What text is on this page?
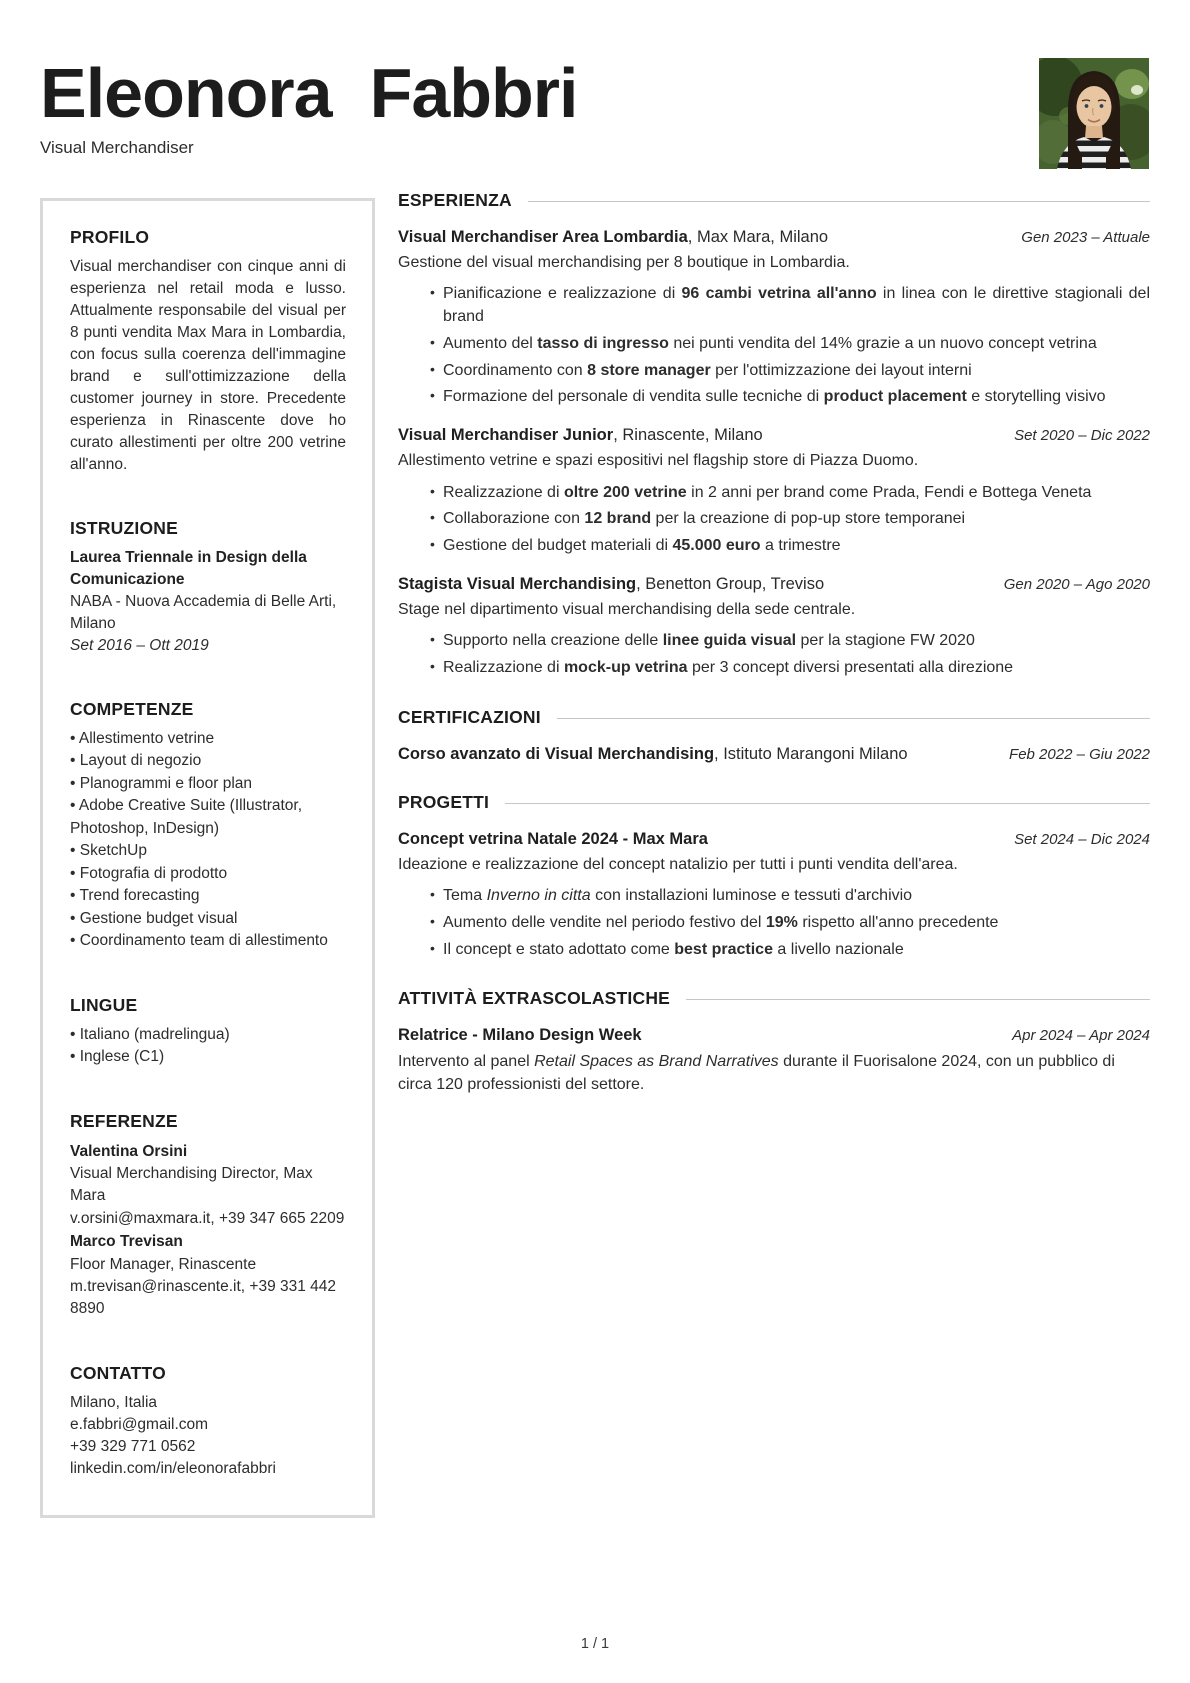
Eleonora Fabbri
Visual Merchandiser
PROFILO
Visual merchandiser con cinque anni di esperienza nel retail moda e lusso. Attualmente responsabile del visual per 8 punti vendita Max Mara in Lombardia, con focus sulla coerenza dell'immagine brand e sull'ottimizzazione della customer journey in store. Precedente esperienza in Rinascente dove ho curato allestimenti per oltre 200 vetrine all'anno.
ISTRUZIONE
Laurea Triennale in Design della Comunicazione
NABA - Nuova Accademia di Belle Arti, Milano
Set 2016 – Ott 2019
COMPETENZE
• Allestimento vetrine
• Layout di negozio
• Planogrammi e floor plan
• Adobe Creative Suite (Illustrator, Photoshop, InDesign)
• SketchUp
• Fotografia di prodotto
• Trend forecasting
• Gestione budget visual
• Coordinamento team di allestimento
LINGUE
• Italiano (madrelingua)
• Inglese (C1)
REFERENZE
Valentina Orsini
Visual Merchandising Director, Max Mara
v.orsini@maxmara.it, +39 347 665 2209
Marco Trevisan
Floor Manager, Rinascente
m.trevisan@rinascente.it, +39 331 442 8890
CONTATTO
Milano, Italia
e.fabbri@gmail.com
+39 329 771 0562
linkedin.com/in/eleonorafabbri
ESPERIENZA
Visual Merchandiser Area Lombardia, Max Mara, Milano	Gen 2023 – Attuale
Gestione del visual merchandising per 8 boutique in Lombardia.
• Pianificazione e realizzazione di 96 cambi vetrina all'anno in linea con le direttive stagionali del brand
• Aumento del tasso di ingresso nei punti vendita del 14% grazie a un nuovo concept vetrina
• Coordinamento con 8 store manager per l'ottimizzazione dei layout interni
• Formazione del personale di vendita sulle tecniche di product placement e storytelling visivo
Visual Merchandiser Junior, Rinascente, Milano	Set 2020 – Dic 2022
Allestimento vetrine e spazi espositivi nel flagship store di Piazza Duomo.
• Realizzazione di oltre 200 vetrine in 2 anni per brand come Prada, Fendi e Bottega Veneta
• Collaborazione con 12 brand per la creazione di pop-up store temporanei
• Gestione del budget materiali di 45.000 euro a trimestre
Stagista Visual Merchandising, Benetton Group, Treviso	Gen 2020 – Ago 2020
Stage nel dipartimento visual merchandising della sede centrale.
• Supporto nella creazione delle linee guida visual per la stagione FW 2020
• Realizzazione di mock-up vetrina per 3 concept diversi presentati alla direzione
CERTIFICAZIONI
Corso avanzato di Visual Merchandising, Istituto Marangoni Milano	Feb 2022 – Giu 2022
PROGETTI
Concept vetrina Natale 2024 - Max Mara	Set 2024 – Dic 2024
Ideazione e realizzazione del concept natalizio per tutti i punti vendita dell'area.
• Tema Inverno in citta con installazioni luminose e tessuti d'archivio
• Aumento delle vendite nel periodo festivo del 19% rispetto all'anno precedente
• Il concept e stato adottato come best practice a livello nazionale
ATTIVITÀ EXTRASCOLASTICHE
Relatrice - Milano Design Week	Apr 2024 – Apr 2024
Intervento al panel Retail Spaces as Brand Narratives durante il Fuorisalone 2024, con un pubblico di circa 120 professionisti del settore.
1 / 1
